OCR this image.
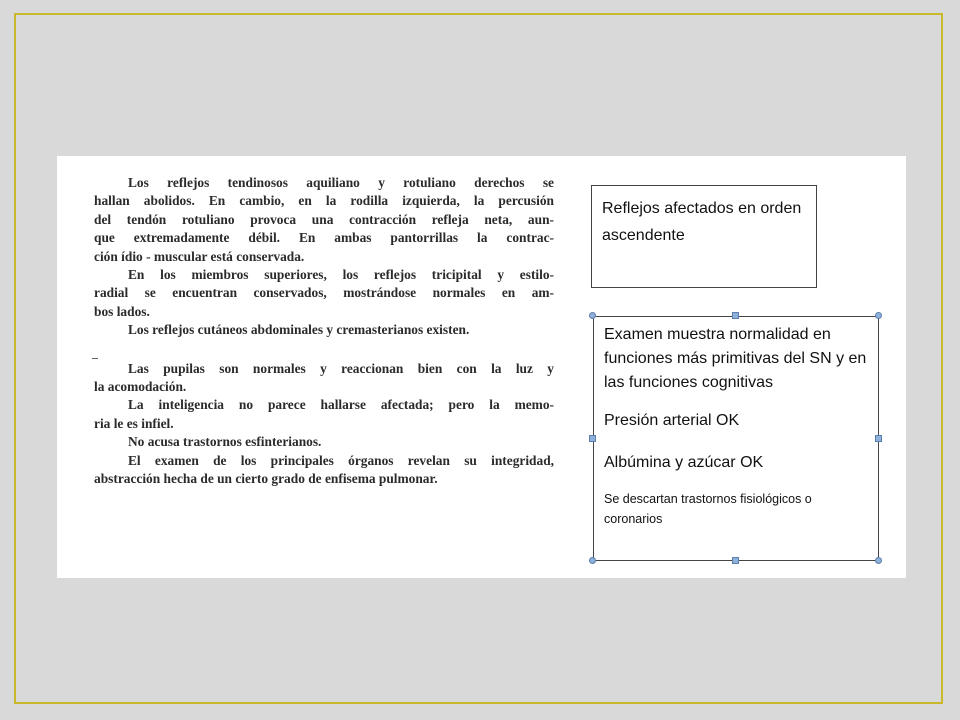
Los reflejos tendinosos aquiliano y rotuliano derechos se

hallan abolidos. En cambio, en la rodilla izquierda, la percusión

del tendón rotuliano provoca una contracción refleja neta, aun-

que extremadamente débil. En ambas pantorrillas la contrac-

ción ídio - muscular está conservada.

En los miembros superiores, los reflejos tricipital y estilo-

radial se encuentran conservados, mostrándose normales en am-

bos lados.

Los reflejos cutáneos abdominales y cremasterianos existen.

Las pupilas son normales y reaccionan bien con la luz y

la acomodación.

La inteligencia no parece hallarse afectada; pero la memo-

ria le es infiel.

No acusa trastornos esfinterianos.

El examen de los principales órganos revelan su integridad,

abstracción hecha de un cierto grado de enfisema pulmonar.

Reflejos afectados en orden ascendente

Examen muestra normalidad en funciones más primitivas del SN y en las funciones cognitivas

Presión arterial OK

Albúmina y azúcar OK

Se descartan trastornos fisiológicos o coronarios
